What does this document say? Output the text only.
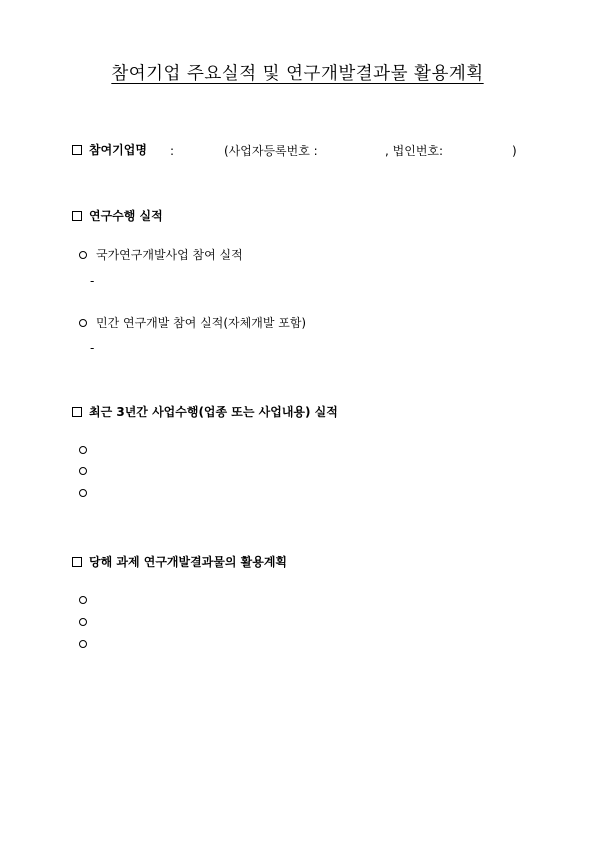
참여기업 주요실적 및 연구개발결과물 활용계획
참여기업명 :	(사업자등록번호 :	, 법인번호:	)
연구수행 실적
국가연구개발사업 참여 실적
-
민간 연구개발 참여 실적(자체개발 포함)
-
최근 3년간 사업수행(업종 또는 사업내용) 실적
당해 과제 연구개발결과물의 활용계획
